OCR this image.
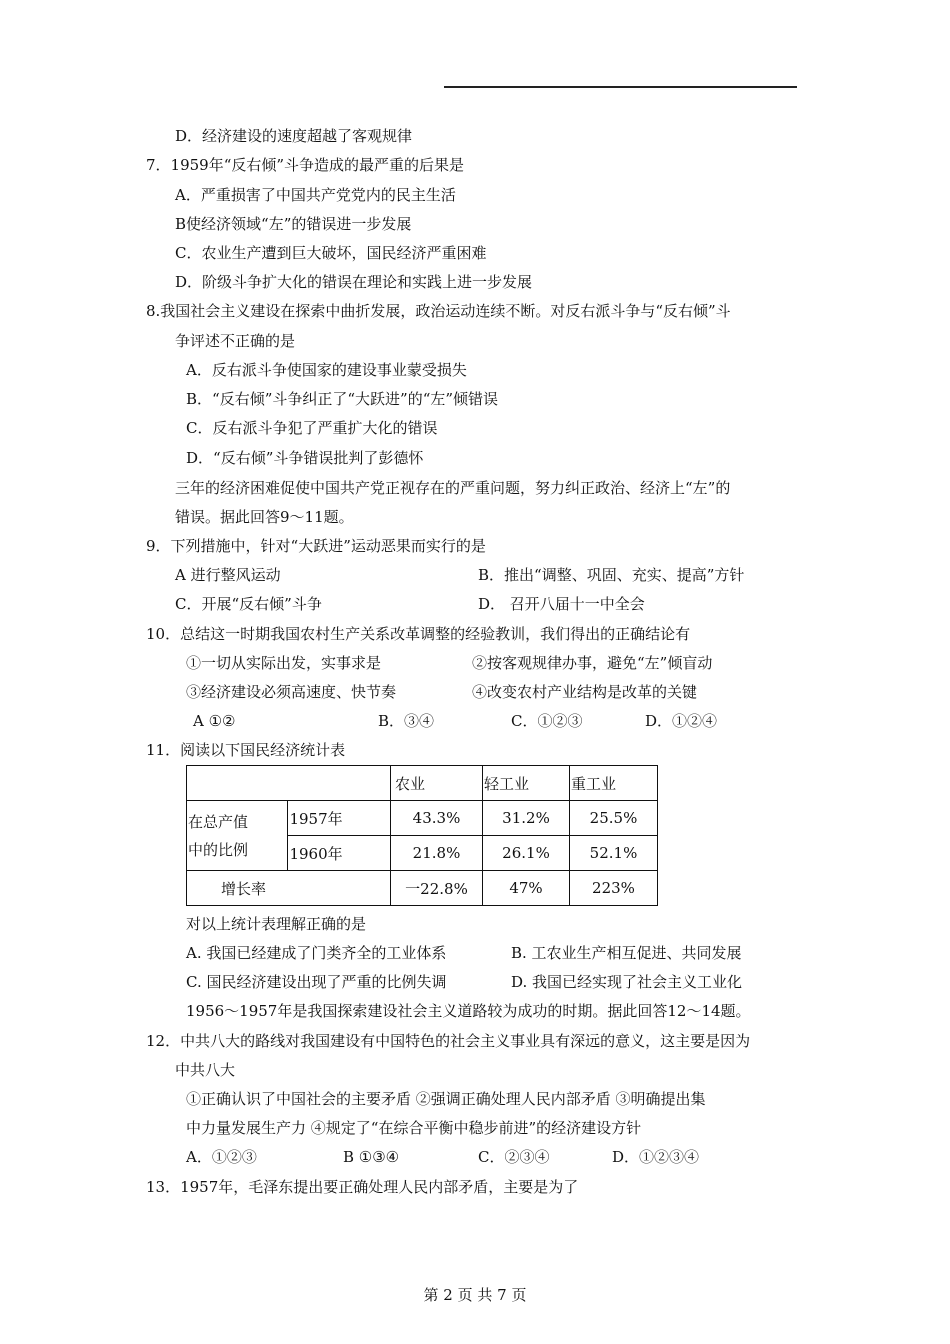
D．经济建设的速度超越了客观规律
7．1959年“反右倾”斗争造成的最严重的后果是
A．严重损害了中国共产党党内的民主生活
B使经济领域“左”的错误进一步发展
C．农业生产遭到巨大破坏，国民经济严重困难
D．阶级斗争扩大化的错误在理论和实践上进一步发展
8.我国社会主义建设在探索中曲折发展，政治运动连续不断。对反右派斗争与“反右倾”斗
争评述不正确的是
A．反右派斗争使国家的建设事业蒙受损失
B．“反右倾”斗争纠正了“大跃进”的“左”倾错误
C．反右派斗争犯了严重扩大化的错误
D．“反右倾”斗争错误批判了彭德怀
三年的经济困难促使中国共产党正视存在的严重问题，努力纠正政治、经济上“左”的
错误。据此回答9～11题。
9．下列措施中，针对“大跃进”运动恶果而实行的是
A 进行整风运动	B．推出“调整、巩固、充实、提高”方针
C．开展“反右倾”斗争	D． 召开八届十一中全会
10．总结这一时期我国农村生产关系改革调整的经验教训，我们得出的正确结论有
①一切从实际出发，实事求是	②按客观规律办事，避免“左”倾盲动
③经济建设必须高速度、快节奏	④改变农村产业结构是改革的关键
A ①②	B．③④	C．①②③	D．①②④
11．阅读以下国民经济统计表
		农业	轻工业	重工业
在总产值
中的比例	1957年	43.3%	31.2%	25.5%
	1960年	21.8%	26.1%	52.1%
增长率		一22.8%	47%	223%
对以上统计表理解正确的是
A. 我国已经建成了门类齐全的工业体系	B. 工农业生产相互促进、共同发展
C. 国民经济建设出现了严重的比例失调	D. 我国已经实现了社会主义工业化
1956～1957年是我国探索建设社会主义道路较为成功的时期。据此回答12～14题。
12．中共八大的路线对我国建设有中国特色的社会主义事业具有深远的意义，这主要是因为
中共八大
①正确认识了中国社会的主要矛盾 ②强调正确处理人民内部矛盾 ③明确提出集
中力量发展生产力 ④规定了“在综合平衡中稳步前进”的经济建设方针
A．①②③	B ①③④	C．②③④	D．①②③④
13．1957年，毛泽东提出要正确处理人民内部矛盾，主要是为了
第 2 页 共 7 页
